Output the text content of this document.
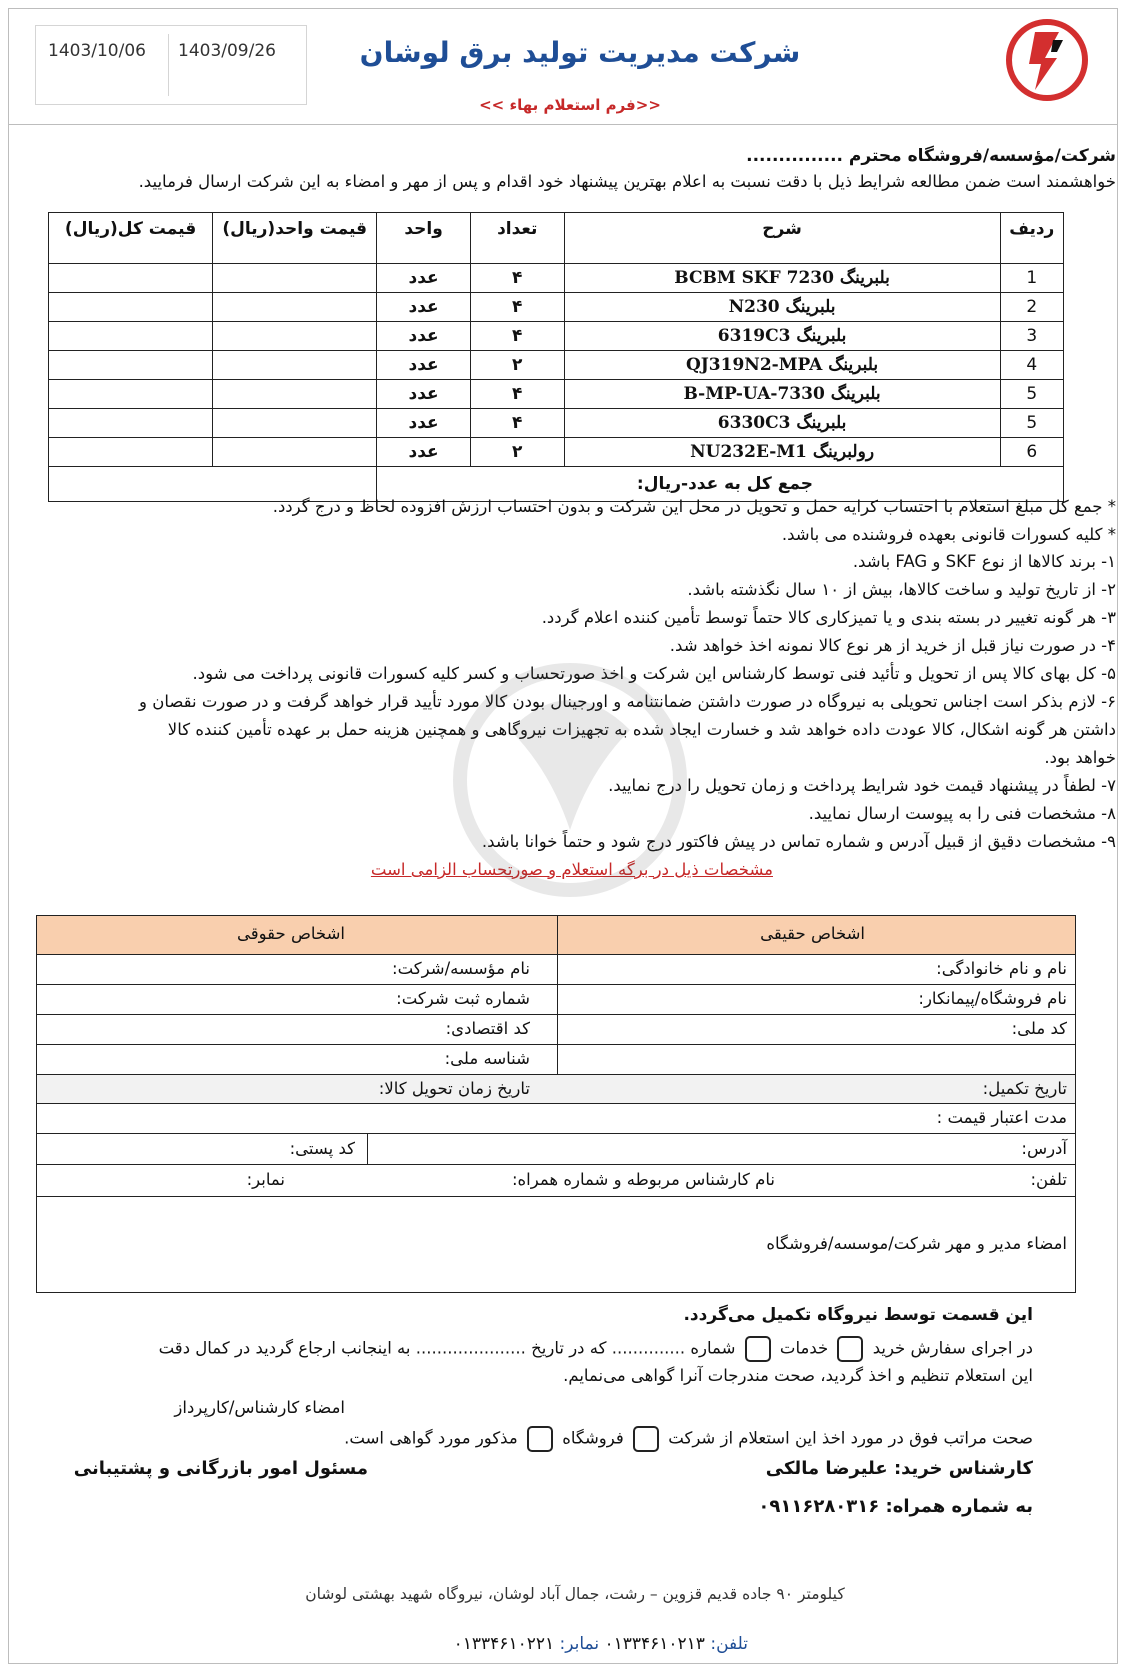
1403/10/06 1403/09/26	شرکت مدیریت تولید برق لوشان
<<فرم استعلام بهاء >>
شرکت/مؤسسه/فروشگاه محترم ...............
خواهشمند است ضمن مطالعه شرایط ذیل با دقت نسبت به اعلام بهترین پیشنهاد خود اقدام و پس از مهر و امضاء به این شرکت ارسال فرمایید.
ردیف	شرح	تعداد	واحد	قیمت واحد(ریال)	قیمت کل(ریال)
1	بلبرینگ BCBM SKF 7230	۴	عدد		
2	بلبرینگ N230	۴	عدد		
3	بلبرینگ 6319C3	۴	عدد		
4	بلبرینگ QJ319N2-MPA	۲	عدد		
5	بلبرینگ B-MP-UA-7330	۴	عدد		
5	بلبرینگ 6330C3	۴	عدد		
6	رولبرینگ NU232E-M1	۲	عدد		
جمع کل به عدد-ریال:					
* جمع کل مبلغ استعلام با احتساب کرایه حمل و تحویل در محل این شرکت و بدون احتساب ارزش افزوده لحاظ و درج گردد.
* کلیه کسورات قانونی بعهده فروشنده می باشد.
۱- برند کالاها از نوع SKF و FAG باشد.
۲- از تاریخ تولید و ساخت کالاها، بیش از ۱۰ سال نگذشته باشد.
۳- هر گونه تغییر در بسته بندی و یا تمیزکاری کالا حتماً توسط تأمین کننده اعلام گردد.
۴- در صورت نیاز قبل از خرید از هر نوع کالا نمونه اخذ خواهد شد.
۵- کل بهای کالا پس از تحویل و تأئید فنی توسط کارشناس این شرکت و اخذ صورتحساب و کسر کلیه کسورات قانونی پرداخت می شود.
۶- لازم بذکر است اجناس تحویلی به نیروگاه در صورت داشتن ضمانتنامه و اورجینال بودن کالا مورد تأیید قرار خواهد گرفت و در صورت نقصان و
داشتن هر گونه اشکال، کالا عودت داده خواهد شد و خسارت ایجاد شده به تجهیزات نیروگاهی و همچنین هزینه حمل بر عهده تأمین کننده کالا
خواهد بود.
۷- لطفاً در پیشنهاد قیمت خود شرایط پرداخت و زمان تحویل را درج نمایید.
۸- مشخصات فنی را به پیوست ارسال نمایید.
۹- مشخصات دقیق از قبیل آدرس و شماره تماس در پیش فاکتور درج شود و حتماً خوانا باشد.
مشخصات ذیل در برگه استعلام و صورتحساب الزامی است
اشخاص حقیقی
اشخاص حقوقی
نام و نام خانوادگی:
نام مؤسسه/شرکت:
نام فروشگاه/پیمانکار:
شماره ثبت شرکت:
کد ملی:
کد اقتصادی:
شناسه ملی:
تاریخ تکمیل:
تاریخ زمان تحویل کالا:
مدت اعتبار قیمت :
آدرس:
کد پستی:
تلفن:
نام کارشناس مربوطه و شماره همراه:
نمابر:
امضاء مدیر و مهر شرکت/موسسه/فروشگاه
این قسمت توسط نیروگاه تکمیل می‌گردد.
در اجرای سفارش خرید  خدمات  شماره .............. که در تاریخ ..................... به اینجانب ارجاع گردید در کمال دقت
این استعلام تنظیم و اخذ گردید، صحت مندرجات آنرا گواهی می‌نمایم.
امضاء کارشناس/کارپرداز
صحت مراتب فوق در مورد اخذ این استعلام از شرکت  فروشگاه  مذکور مورد گواهی است.
کارشناس خرید: علیرضا مالکی
مسئول امور بازرگانی و پشتیبانی
به شماره همراه: ۰۹۱۱۶۲۸۰۳۱۶
کیلومتر ۹۰ جاده قدیم قزوین – رشت، جمال آباد لوشان، نیروگاه شهید بهشتی لوشان
تلفن: ۰۱۳۳۴۶۱۰۲۱۳ نمابر: ۰۱۳۳۴۶۱۰۲۲۱
